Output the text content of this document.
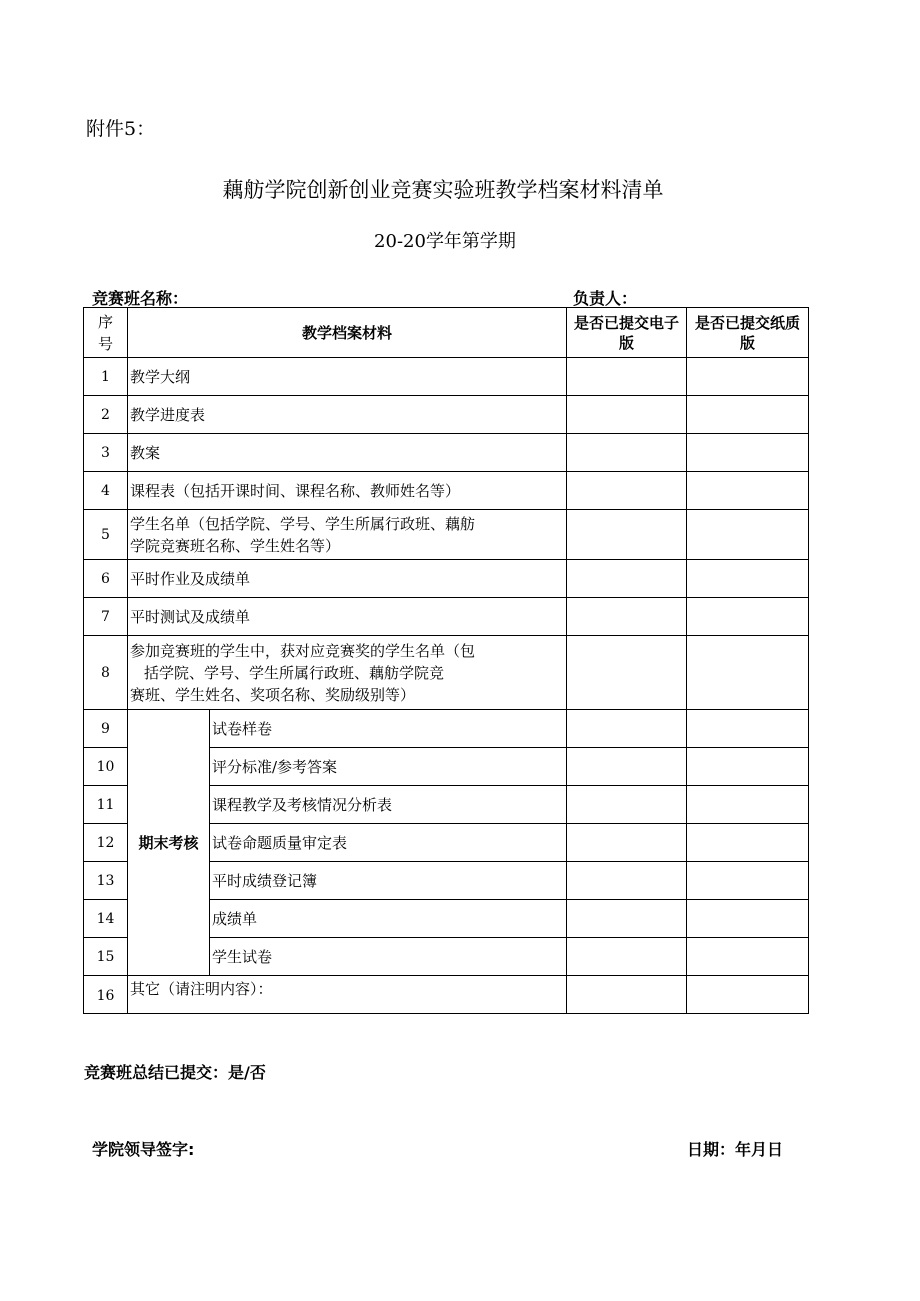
附件5：
藕舫学院创新创业竞赛实验班教学档案材料清单
20-20学年第学期
竞赛班名称：	负责人：
序号	教学档案材料		是否已提交电子版	是否已提交纸质版
1	教学大纲			
2	教学进度表			
3	教案			
4	课程表（包括开课时间、课程名称、教师姓名等）			
5	学生名单（包括学院、学号、学生所属行政班、藕舫
学院竞赛班名称、学生姓名等）			

6	平时作业及成绩单			
7	平时测试及成绩单			
8	参加竞赛班的学生中，获对应竞赛奖的学生名单（包
括学院、学号、学生所属行政班、藕舫学院竞
赛班、学生姓名、奖项名称、奖励级别等）			

9	期末考核	试卷样卷		
10		评分标准/参考答案		
11		课程教学及考核情况分析表		
12		试卷命题质量审定表		
13		平时成绩登记簿		
14		成绩单		
15		学生试卷		
16	其它（请注明内容）：			
竞赛班总结已提交：是/否
学院领导签字:	日期：年月日
